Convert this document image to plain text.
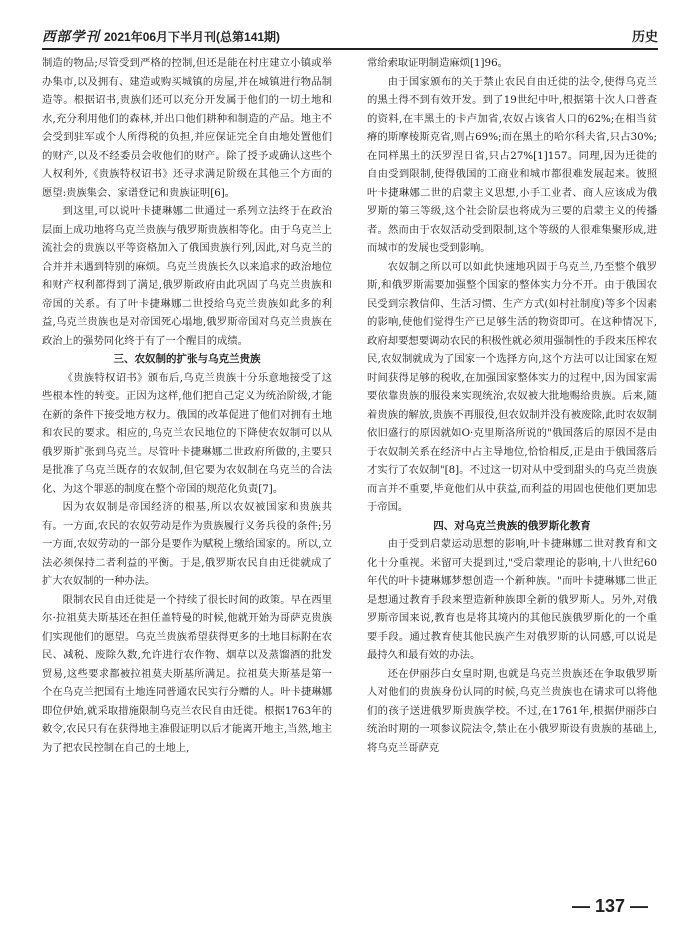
西部学刊 2021年06月下半月刊(总第141期)	历史

制造的物品;尽管受到严格的控制,但还是能在村庄建立小镇或举办集市,以及拥有、建造或购买城镇的房屋,并在城镇进行物品制造等。根据诏书,贵族们还可以充分开发属于他们的一切土地和水,充分利用他们的森林,并出口他们耕种和制造的产品。地主不会受到驻军或个人所得税的负担,并应保证完全自由地处置他们的财产,以及不经委员会收他们的财产。除了授予或确认这些个人权利外,《贵族特权诏书》还寻求满足阶级在其他三个方面的愿望:贵族集会、家谱登记和贵族证明[6]。

到这里,可以说叶卡捷琳娜二世通过一系列立法终于在政治层面上成功地将乌克兰贵族与俄罗斯贵族相等化。由于乌克兰上流社会的贵族以平等资格加入了俄国贵族行列,因此,对乌克兰的合并并未遇到特别的麻烦。乌克兰贵族长久以来追求的政治地位和财产权利都得到了满足,俄罗斯政府由此巩固了乌克兰贵族和帝国的关系。有了叶卡捷琳娜二世授给乌克兰贵族如此多的利益,乌克兰贵族也是对帝国死心塌地,俄罗斯帝国对乌克兰贵族在政治上的强势同化终于有了一个醒目的成绩。

三、农奴制的扩张与乌克兰贵族

《贵族特权诏书》颁布后,乌克兰贵族十分乐意地接受了这些根本性的转变。正因为这样,他们把自己定义为统治阶级,才能在新的条件下接受地方权力。俄国的改革促进了他们对拥有土地和农民的要求。相应的,乌克兰农民地位的下降使农奴制可以从俄罗斯扩张到乌克兰。尽管叶卡捷琳娜二世政府所做的,主要只是批准了乌克兰既存的农奴制,但它要为农奴制在乌克兰的合法化、为这个罪恶的制度在整个帝国的规范化负责[7]。

因为农奴制是帝国经济的根基,所以农奴被国家和贵族共有。一方面,农民的农奴劳动是作为贵族履行义务兵役的条件;另一方面,农奴劳动的一部分是要作为赋税上缴给国家的。所以,立法必须保持二者利益的平衡。于是,俄罗斯农民自由迁徙就成了扩大农奴制的一种办法。

限制农民自由迁徙是一个持续了很长时间的政策。早在西里尔·拉祖莫夫斯基还在担任盖特曼的时候,他就开始为哥萨克贵族们实现他们的愿望。乌克兰贵族希望获得更多的土地目标附在农民、减税、废除久数,允许进行农作物、烟草以及蒸馏酒的批发贸易,这些要求都被拉祖莫夫斯基所满足。拉祖莫夫斯基是第一个在乌克兰把国有土地连同普通农民实行分赠的人。叶卡捷琳娜即位伊始,就采取措施限制乌克兰农民自由迁徙。根据1763年的敕令,农民只有在获得地主准假证明以后才能离开地主,当然,地主为了把农民控制在自己的土地上,

常给索取证明制造麻烦[1]96。

由于国家颁布的关于禁止农民自由迁徙的法令,使得乌克兰的黑土得不到有效开发。到了19世纪中叶,根据第十次人口普查的资料,在丰黑土的卡卢加省,农奴占该省人口的62%;在相当贫瘠的斯摩棱斯克省,则占69%;而在黑土的哈尔科夫省,只占30%;在同样黑土的沃罗涅日省,只占27%[1]157。同理,因为迁徙的自由受到限制,使得俄国的工商业和城市都很难发展起来。彼照叶卡捷琳娜二世的启蒙主义思想,小手工业者、商人应该成为俄罗斯的第三等级,这个社会阶层也将成为三要的启蒙主义的传播者。然而由于农奴活动受到限制,这个等级的人很难集聚形成,进而城市的发展也受到影响。

农奴制之所以可以如此快速地巩固于乌克兰,乃至整个俄罗斯,和俄罗斯需要加强整个国家的整体实力分不开。由于俄国农民受到宗教信仰、生活习惯、生产方式(如村社制度)等多个因素的影响,使他们觉得生产已足够生活的物资即可。在这种情况下,政府却要想要调动农民的积极性就必须用强制性的手段来压榨农民,农奴制就成为了国家一个选择方向,这个方法可以让国家在短时间获得足够的税收,在加强国家整体实力的过程中,因为国家需要依靠贵族的服役来实现统治,农奴被大批地赐给贵族。后来,随着贵族的解放,贵族不再服役,但农奴制并没有被废除,此时农奴制依旧盛行的原因就如О·克里斯洛所说的"俄国落后的原因不是由于农奴制关系在经济中占主导地位,恰恰相反,正是由于俄国落后才实行了农奴制"[8]。不过这一切对从中受到甜头的乌克兰贵族而言并不重要,毕竟他们从中获益,而利益的用固也使他们更加忠于帝国。

四、对乌克兰贵族的俄罗斯化教育

由于受到启蒙运动思想的影响,叶卡捷琳娜二世对教育和文化十分重视。米留可夫提到过,"受启蒙理论的影响,十八世纪60年代的叶卡捷琳娜梦想创造一个新种族。"而叶卡捷琳娜二世正是想通过教育手段来塑造新种族即全新的俄罗斯人。另外,对俄罗斯帝国来说,教育也是将其境内的其他民族俄罗斯化的一个重要手段。通过教育使其他民族产生对俄罗斯的认同感,可以说是最持久和最有效的办法。

还在伊丽莎白女皇时期,也就是乌克兰贵族还在争取俄罗斯人对他们的贵族身份认同的时候,乌克兰贵族也在请求可以将他们的孩子送进俄罗斯贵族学校。不过,在1761年,根据伊丽莎白统治时期的一项参议院法令,禁止在小俄罗斯设有贵族的基础上,将乌克兰哥萨克

— 137 —
